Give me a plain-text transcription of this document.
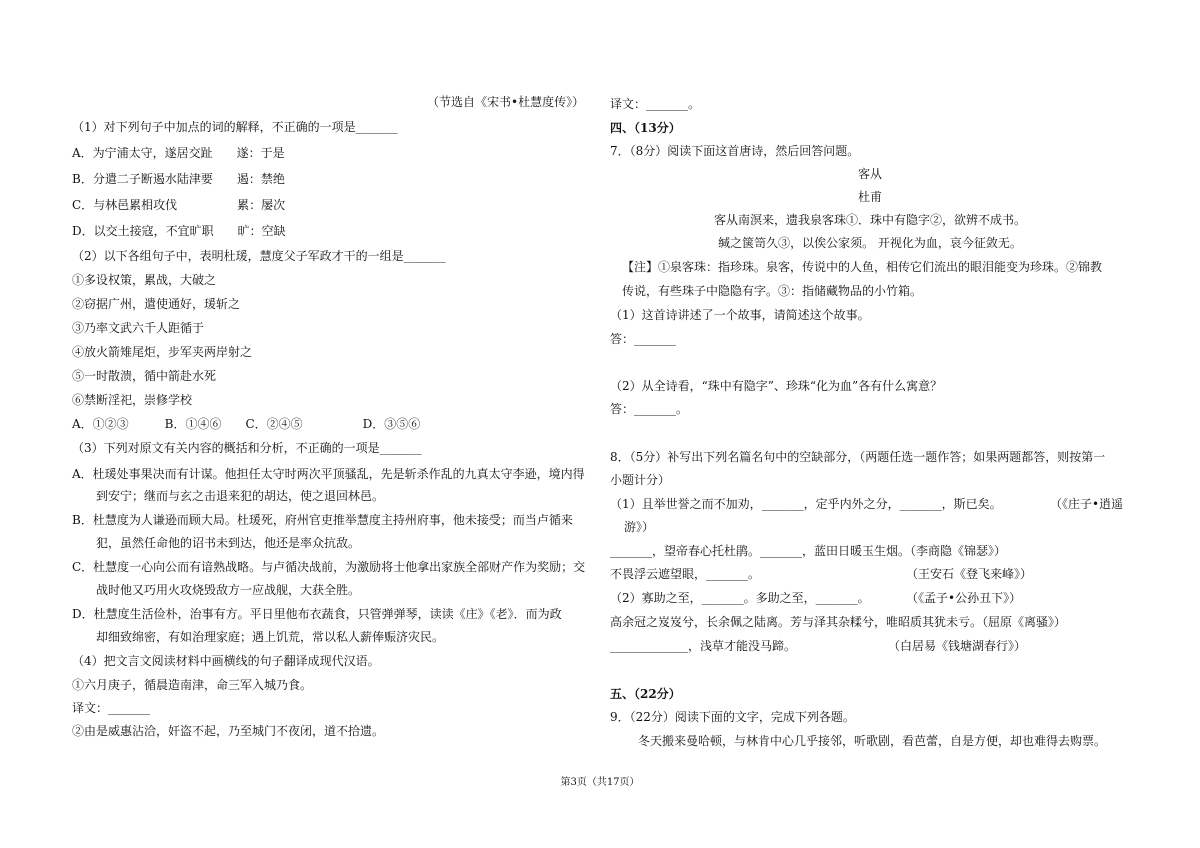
（节选自《宋书•杜慧度传》）
（1）对下列句子中加点的词的解释，不正确的一项是_______
A．为宁浦太守，遂居交趾　　遂：于是
B．分遣二子断遏水陆津要　　遏：禁绝
C．与林邑累相攻伐　　　　　累：屡次
D．以交土接寇，不宜旷职　　旷：空缺
（2）以下各组句子中，表明杜瑗，慧度父子军政才干的一组是_______
①多设权策，累战，大破之
②窃据广州，遣使通好，瑗斩之
③乃率文武六千人距循于
④放火箭雉尾炬，步军夹两岸射之
⑤一时散溃，循中箭赴水死
⑥禁断淫祀，崇修学校
A．①②③　　　B．①④⑥　　C．②④⑤　　　　　D．③⑤⑥
（3）下列对原文有关内容的概括和分析，不正确的一项是_______
A．杜瑗处事果决而有计谋。他担任太守时两次平顶骚乱，先是斩杀作乱的九真太守李逊，境内得
　　到安宁；继而与玄之击退来犯的胡达，使之退回林邑。
B．杜慧度为人谦逊而顾大局。杜瑗死，府州官吏推举慧度主持州府事，他未接受；而当卢循来
　　犯，虽然任命他的诏书未到达，他还是率众抗敌。
C．杜慧度一心向公而有谙熟战略。与卢循决战前，为激励将士他拿出家族全部财产作为奖励；交
　　战时他又巧用火攻烧毁敌方一应战舰，大获全胜。
D．杜慧度生活俭朴，治事有方。平日里他布衣蔬食，只管弹弹琴，读读《庄》《老》．而为政
　　却细致绵密，有如治理家庭；遇上饥荒，常以私人薪俸赈济灾民。
（4）把文言文阅读材料中画横线的句子翻译成现代汉语。
①六月庚子，循晨造南津，命三军入城乃食。
译文：_______
②由是威惠沾洽，奸盗不起，乃至城门不夜闭，道不拾遗。
译文：_______。
四、（13分）
7．（8分）阅读下面这首唐诗，然后回答问题。
客从
杜甫
客从南溟来，遗我泉客珠①．珠中有隐字②，欲辨不成书。
缄之箧笥久③，以俟公家须。 开视化为血，哀今征敛无。
【注】①泉客珠：指珍珠。泉客，传说中的人鱼，相传它们流出的眼泪能变为珍珠。②锦教
传说，有些珠子中隐隐有字。③：指储藏物品的小竹箱。
（1）这首诗讲述了一个故事，请简述这个故事。
答：_______
（2）从全诗看，“珠中有隐字”、珍珠“化为血”各有什么寓意？
答：_______。
8．（5分）补写出下列名篇名句中的空缺部分，（两题任选一题作答；如果两题都答，则按第一
小题计分）
（1）且举世誉之而不加劝，_______，定乎内外之分，_______，斯已矣。	（《庄子•逍遥
游》）
_______，望帝春心托杜鹃。_______，蓝田日暖玉生烟。（李商隐《锦瑟》）
不畏浮云遮望眼，_______。	（王安石《登飞来峰》）
（2）寡助之至，_______。多助之至，_______。	（《孟子•公孙丑下》）
高余冠之岌岌兮，长余佩之陆离。芳与泽其杂糅兮，唯昭质其犹未亏。（屈原《离骚》）
_____________，浅草才能没马蹄。	（白居易《钱塘湖春行》）
五、（22分）
9．（22分）阅读下面的文字，完成下列各题。
冬天搬来曼哈顿，与林肯中心几乎接邻，听歌剧，看芭蕾，自是方便，却也难得去购票。
第3页（共17页）
